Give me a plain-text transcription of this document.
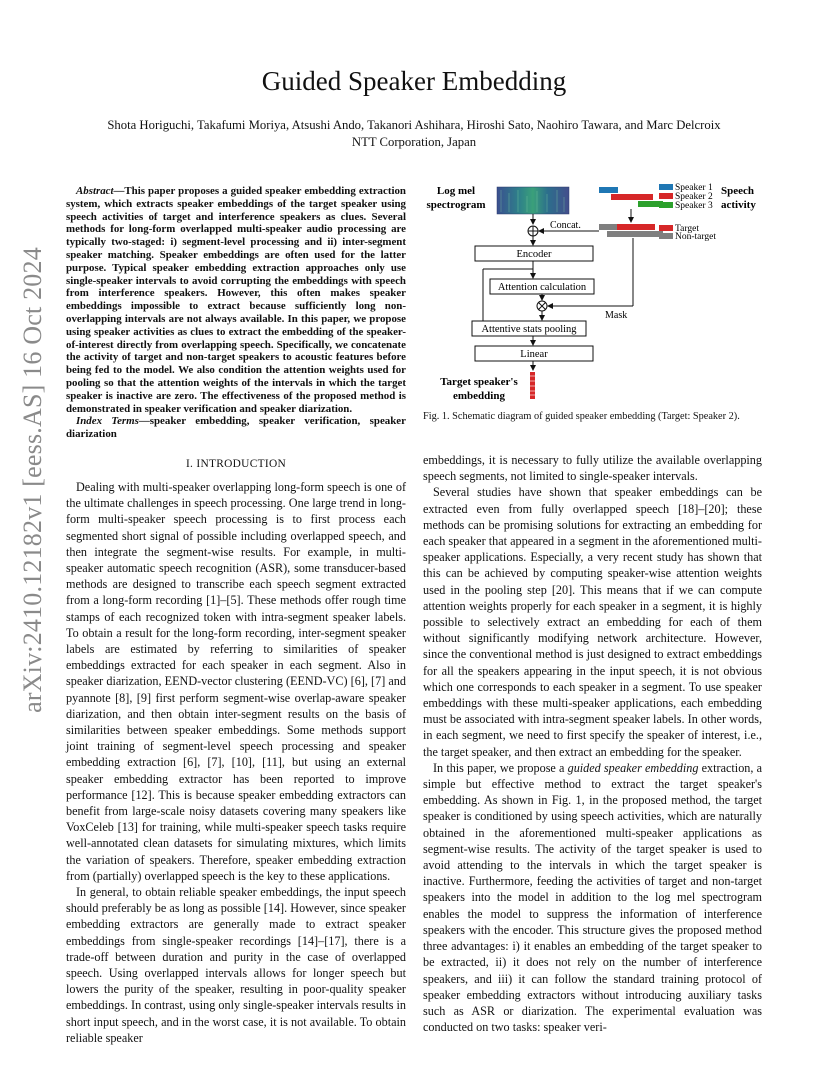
arXiv:2410.12182v1 [eess.AS] 16 Oct 2024
Guided Speaker Embedding
Shota Horiguchi, Takafumi Moriya, Atsushi Ando, Takanori Ashihara, Hiroshi Sato, Naohiro Tawara, and Marc Delcroix
NTT Corporation, Japan

Abstract—This paper proposes a guided speaker embedding extraction system, which extracts speaker embeddings of the target speaker using speech activities of target and interference speakers as clues. Several methods for long-form overlapped multi-speaker audio processing are typically two-staged: i) segment-level processing and ii) inter-segment speaker matching. Speaker embeddings are often used for the latter purpose. Typical speaker embedding extraction approaches only use single-speaker intervals to avoid corrupting the embeddings with speech from interference speakers. However, this often makes speaker embeddings impossible to extract because sufficiently long non-overlapping intervals are not always available. In this paper, we propose using speaker activities as clues to extract the embedding of the speaker-of-interest directly from overlapping speech. Specifically, we concatenate the activity of target and non-target speakers to acoustic features before being fed to the model. We also condition the attention weights used for pooling so that the attention weights of the intervals in which the target speaker is inactive are zero. The effectiveness of the proposed method is demonstrated in speaker verification and speaker diarization.

Index Terms—speaker embedding, speaker verification, speaker diarization

I. INTRODUCTION

Dealing with multi-speaker overlapping long-form speech is one of the ultimate challenges in speech processing. One large trend in long-form multi-speaker speech processing is to first process each segmented short signal of possible including overlapped speech, and then integrate the segment-wise results. For example, in multi-speaker automatic speech recognition (ASR), some transducer-based methods are designed to transcribe each speech segment extracted from a long-form recording [1]–[5]. These methods offer rough time stamps of each recognized token with intra-segment speaker labels. To obtain a result for the long-form recording, inter-segment speaker labels are estimated by referring to similarities of speaker embeddings extracted for each speaker in each segment. Also in speaker diarization, EEND-vector clustering (EEND-VC) [6], [7] and pyannote [8], [9] first perform segment-wise overlap-aware speaker diarization, and then obtain inter-segment results on the basis of similarities between speaker embeddings. Some methods support joint training of segment-level speech processing and speaker embedding extraction [6], [7], [10], [11], but using an external speaker embedding extractor has been reported to improve performance [12]. This is because speaker embedding extractors can benefit from large-scale noisy datasets covering many speakers like VoxCeleb [13] for training, while multi-speaker speech tasks require well-annotated clean datasets for simulating mixtures, which limits the variation of speakers. Therefore, speaker embedding extraction from (partially) overlapped speech is the key to these applications.

In general, to obtain reliable speaker embeddings, the input speech should preferably be as long as possible [14]. However, since speaker embedding extractors are generally made to extract speaker embeddings from single-speaker recordings [14]–[17], there is a trade-off between duration and purity in the case of overlapped speech. Using overlapped intervals allows for longer speech but lowers the purity of the speaker, resulting in poor-quality speaker embeddings. In contrast, using only single-speaker intervals results in short input speech, and in the worst case, it is not available. To obtain reliable speaker

Log mel
spectrogram
Speaker 1
Speaker 2
Speaker 3
Speech
activity
Target
Non-target
Concat.
Encoder
Attention calculation
Mask
Attentive stats pooling
Linear
Target speaker's
embedding
Fig. 1. Schematic diagram of guided speaker embedding (Target: Speaker 2).

embeddings, it is necessary to fully utilize the available overlapping speech segments, not limited to single-speaker intervals.

Several studies have shown that speaker embeddings can be extracted even from fully overlapped speech [18]–[20]; these methods can be promising solutions for extracting an embedding for each speaker that appeared in a segment in the aforementioned multi-speaker applications. Especially, a very recent study has shown that this can be achieved by computing speaker-wise attention weights used in the pooling step [20]. This means that if we can compute attention weights properly for each speaker in a segment, it is highly possible to selectively extract an embedding for each of them without significantly modifying network architecture. However, since the conventional method is just designed to extract embeddings for all the speakers appearing in the input speech, it is not obvious which one corresponds to each speaker in a segment. To use speaker embeddings with these multi-speaker applications, each embedding must be associated with intra-segment speaker labels. In other words, in each segment, we need to first specify the speaker of interest, i.e., the target speaker, and then extract an embedding for the speaker.

In this paper, we propose a guided speaker embedding extraction, a simple but effective method to extract the target speaker's embedding. As shown in Fig. 1, in the proposed method, the target speaker is conditioned by using speech activities, which are naturally obtained in the aforementioned multi-speaker applications as segment-wise results. The activity of the target speaker is used to avoid attending to the intervals in which the target speaker is inactive. Furthermore, feeding the activities of target and non-target speakers into the model in addition to the log mel spectrogram enables the model to suppress the information of interference speakers with the encoder. This structure gives the proposed method three advantages: i) it enables an embedding of the target speaker to be extracted, ii) it does not rely on the number of interference speakers, and iii) it can follow the standard training protocol of speaker embedding extractors without introducing auxiliary tasks such as ASR or diarization. The experimental evaluation was conducted on two tasks: speaker veri-
